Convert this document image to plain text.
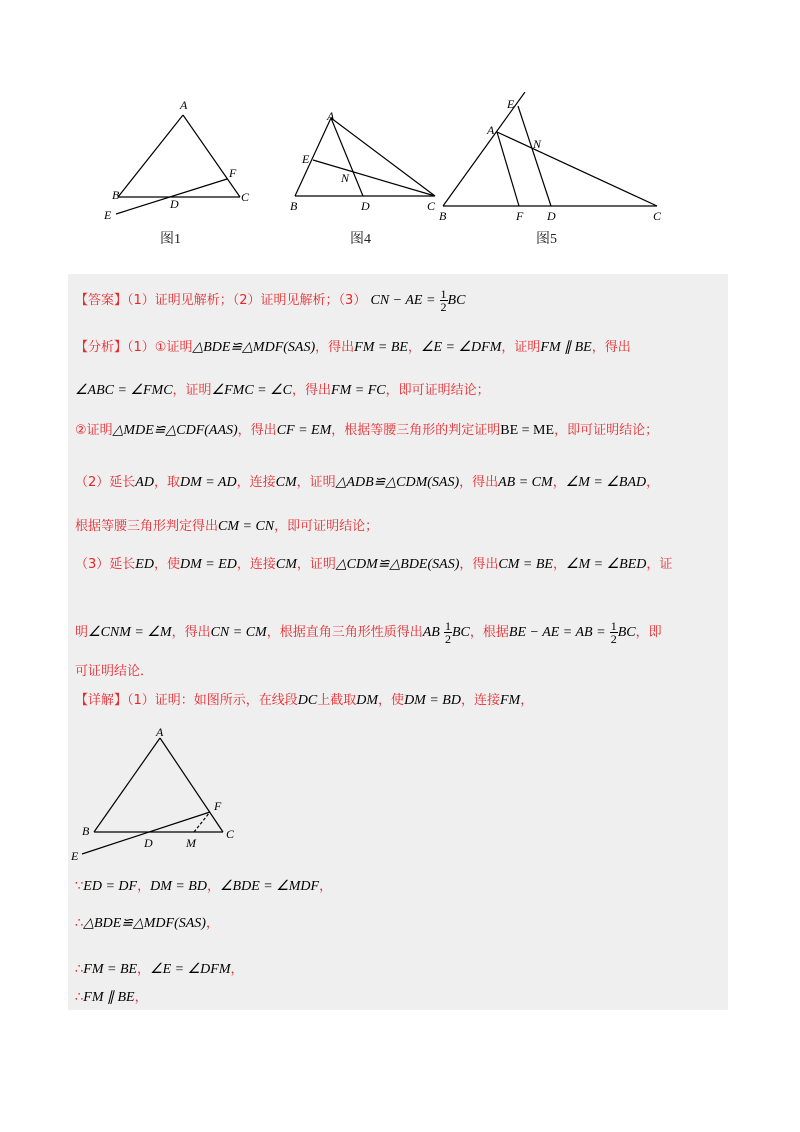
A
B	C
D
E
F
图1
A
B	C
D
E
N
图4
E
A
N
B	F D	C
图5
【答案】（1）证明见解析；（2）证明见解析；（3） CN − AE = $\frac{1}{2}$ BC
【分析】（1）①证明△BDE≌△MDF(SAS)，得出FM = BE，∠E = ∠DFM，证明FM ∥ BE，得出
∠ABC = ∠FMC，证明∠FMC = ∠C，得出FM = FC，即可证明结论；
②证明△MDE≌△CDF(AAS)，得出CF = EM，根据等腰三角形的判定证明BE = ME，即可证明结论；
（2）延长AD，取DM = AD，连接CM，证明△ADB≌△CDM(SAS)，得出AB = CM，∠M = ∠BAD，
根据等腰三角形判定得出CM = CN，即可证明结论；
（3）延长ED，使DM = ED，连接CM，证明△CDM≌△BDE(SAS)，得出CM = BE，∠M = ∠BED，证
明∠CNM = ∠M，得出CN = CM，根据直角三角形性质得出AB $\frac{1}{2}$ BC，根据BE − AE = AB = $\frac{1}{2}$ BC，即
可证明结论．
【详解】（1）证明：如图所示，在线段DC上截取DM，使DM = BD，连接FM，
A
B	C
D
E
F
M
∵ED = DF，DM = BD，∠BDE = ∠MDF，
∴△BDE≌△MDF(SAS)，
∴FM = BE，∠E = ∠DFM，
∴FM ∥ BE，
